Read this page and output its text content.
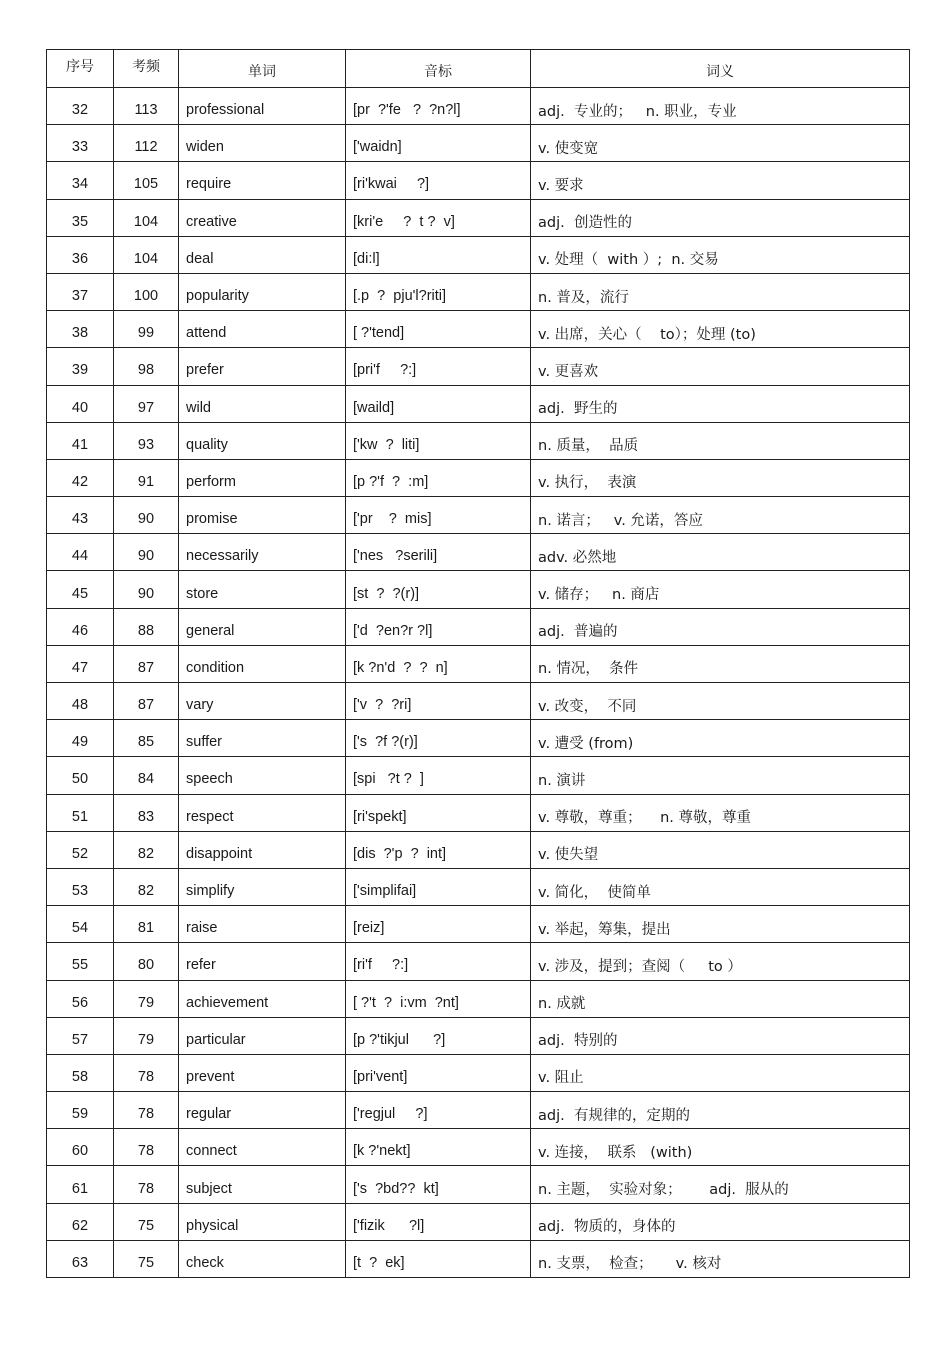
序号	考频	单词	音标	词义
32	113	professional	[pr  ?'fe   ?  ?n?l]	adj.  专业的；   n. 职业，专业
33	112	widen	['waidn]	v. 使变宽
34	105	require	[ri'kwai     ?]	v. 要求
35	104	creative	[kri'e     ?  t ?  v]	adj.  创造性的
36	104	deal	[di:l]	v. 处理（  with ）;  n. 交易
37	100	popularity	[.p  ?  pju'l?riti]	n. 普及，流行
38	99	attend	[ ?'tend]	v. 出席，关心（    to）；处理 (to)
39	98	prefer	[pri'f     ?:]	v. 更喜欢
40	97	wild	[waild]	adj.  野生的
41	93	quality	['kw  ?  liti]	n. 质量，  品质
42	91	perform	[p ?'f  ?  :m]	v. 执行，  表演
43	90	promise	['pr    ?  mis]	n. 诺言；   v. 允诺，答应
44	90	necessarily	['nes   ?serili]	adv. 必然地
45	90	store	[st  ?  ?(r)]	v. 储存；   n. 商店
46	88	general	['d  ?en?r ?l]	adj.  普遍的
47	87	condition	[k ?n'd  ?  ?  n]	n. 情况，  条件
48	87	vary	['v  ?  ?ri]	v. 改变，  不同
49	85	suffer	['s  ?f ?(r)]	v. 遭受 (from)
50	84	speech	[spi   ?t ?  ]	n. 演讲
51	83	respect	[ri'spekt]	v. 尊敬，尊重；    n. 尊敬，尊重
52	82	disappoint	[dis  ?'p  ?  int]	v. 使失望
53	82	simplify	['simplifai]	v. 简化，  使简单
54	81	raise	[reiz]	v. 举起，筹集，提出
55	80	refer	[ri'f     ?:]	v. 涉及，提到；查阅（     to ）
56	79	achievement	[ ?'t  ?  i:vm  ?nt]	n. 成就
57	79	particular	[p ?'tikjul      ?]	adj.  特别的
58	78	prevent	[pri'vent]	v. 阻止
59	78	regular	['regjul     ?]	adj.  有规律的，定期的
60	78	connect	[k ?'nekt]	v. 连接，  联系   (with)
61	78	subject	['s  ?bd??  kt]	n. 主题，  实验对象；      adj.  服从的
62	75	physical	['fizik      ?l]	adj.  物质的，身体的
63	75	check	[t  ?  ek]	n. 支票，  检查；     v. 核对
